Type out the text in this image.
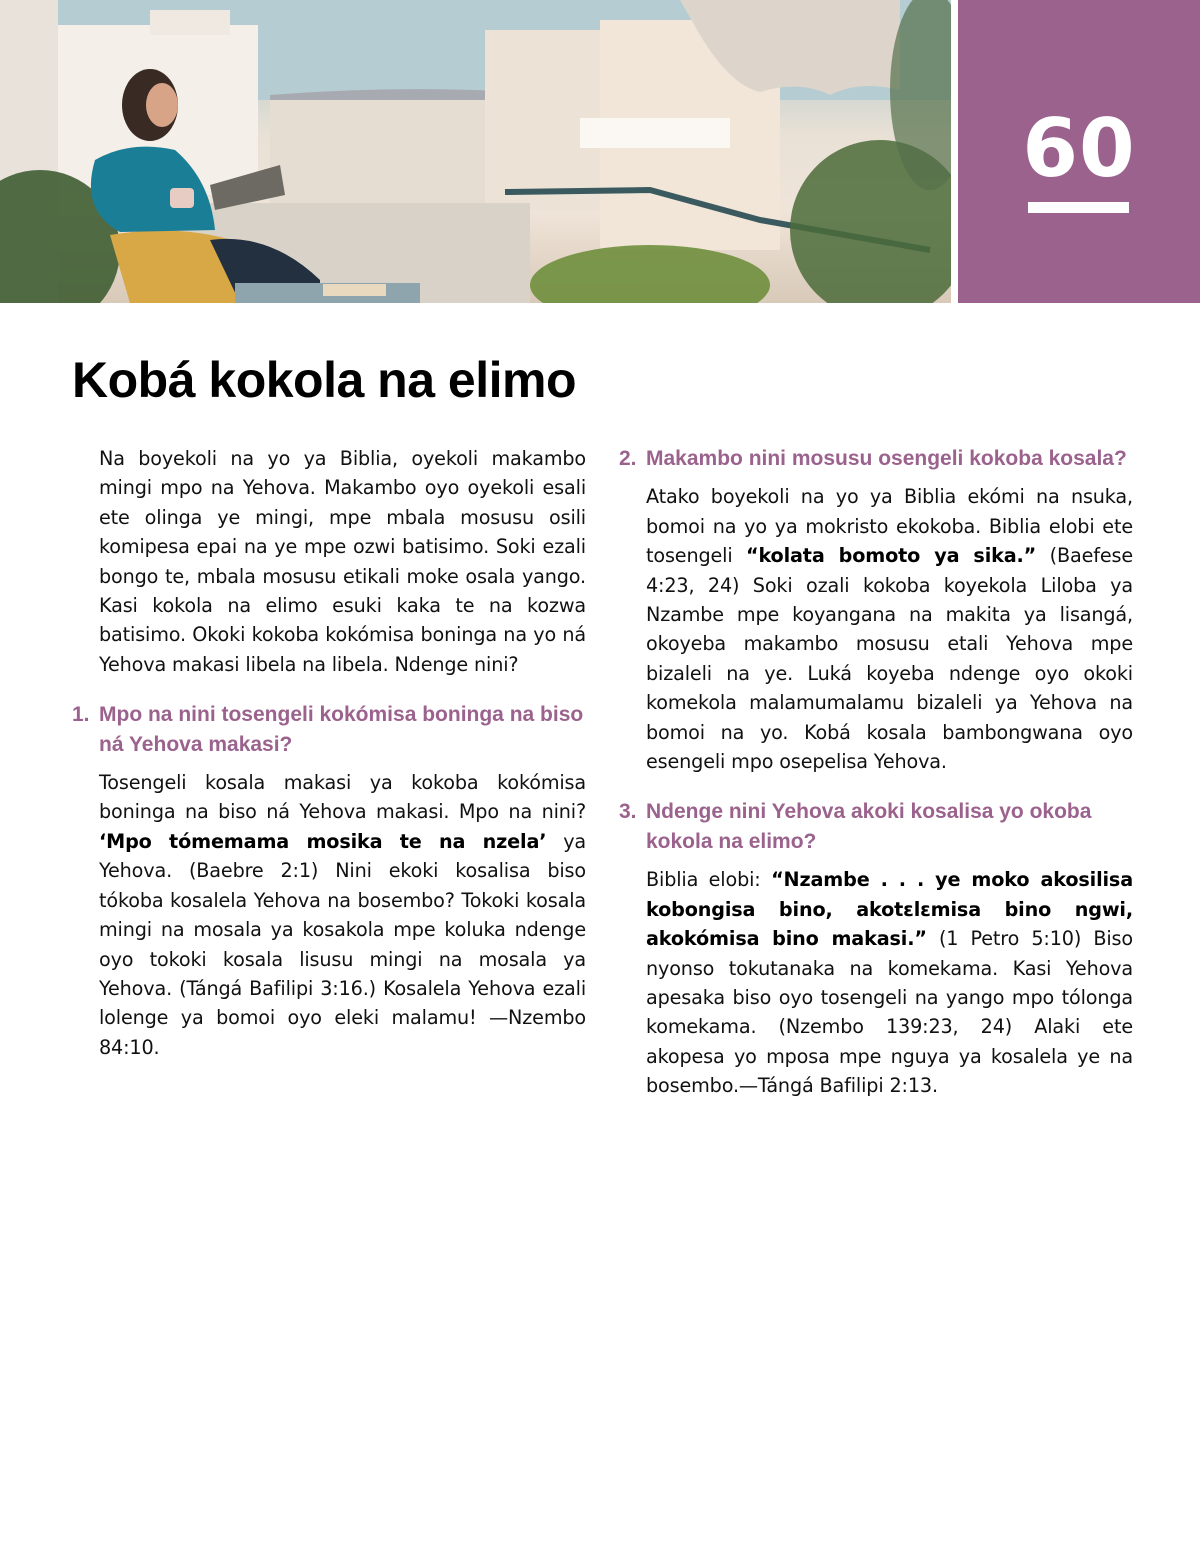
60
Kobá kokola na elimo

Na boyekoli na yo ya Biblia, oyekoli makambo mingi mpo na Yehova. Makambo oyo oyekoli esali ete olinga ye mingi, mpe mbala mosusu osili komipesa epai na ye mpe ozwi batisimo. Soki ezali bongo te, mbala mosusu etikali moke osala yango. Kasi kokola na elimo esuki kaka te na kozwa batisimo. Okoki kokoba kokómisa boninga na yo ná Yehova makasi libela na libela. Ndenge nini?

1. Mpo na nini tosengeli kokómisa boninga na biso ná Yehova makasi?

Tosengeli kosala makasi ya kokoba kokómisa boninga na biso ná Yehova makasi. Mpo na nini? ‘Mpo tómemama mosika te na nzela’ ya Yehova. (Baebre 2:1) Nini ekoki kosalisa biso tókoba kosalela Yehova na bosembo? Tokoki kosala mingi na mosala ya kosakola mpe koluka ndenge oyo tokoki kosala lisusu mingi na mosala ya Yehova. (Tángá Bafilipi 3:16.) Kosalela Yehova ezali lolenge ya bomoi oyo eleki malamu! —Nzembo 84:10.

2. Makambo nini mosusu osengeli kokoba kosala?

Atako boyekoli na yo ya Biblia ekómi na nsuka, bomoi na yo ya mokristo ekokoba. Biblia elobi ete tosengeli “kolata bomoto ya sika.” (Baefese 4:23, 24) Soki ozali kokoba koyekola Liloba ya Nzambe mpe koyangana na makita ya lisangá, okoyeba makambo mosusu etali Yehova mpe bizaleli na ye. Luká koyeba ndenge oyo okoki komekola malamumalamu bizaleli ya Yehova na bomoi na yo. Kobá kosala bambongwana oyo esengeli mpo osepelisa Yehova.

3. Ndenge nini Yehova akoki kosalisa yo okoba kokola na elimo?

Biblia elobi: “Nzambe . . . ye moko akosilisa kobongisa bino, akotɛlɛmisa bino ngwi, akokómisa bino makasi.” (1 Petro 5:10) Biso nyonso tokutanaka na komekama. Kasi Yehova apesaka biso oyo tosengeli na yango mpo tólonga komekama. (Nzembo 139:23, 24) Alaki ete akopesa yo mposa mpe nguya ya kosalela ye na bosembo.—Tángá Bafilipi 2:13.
